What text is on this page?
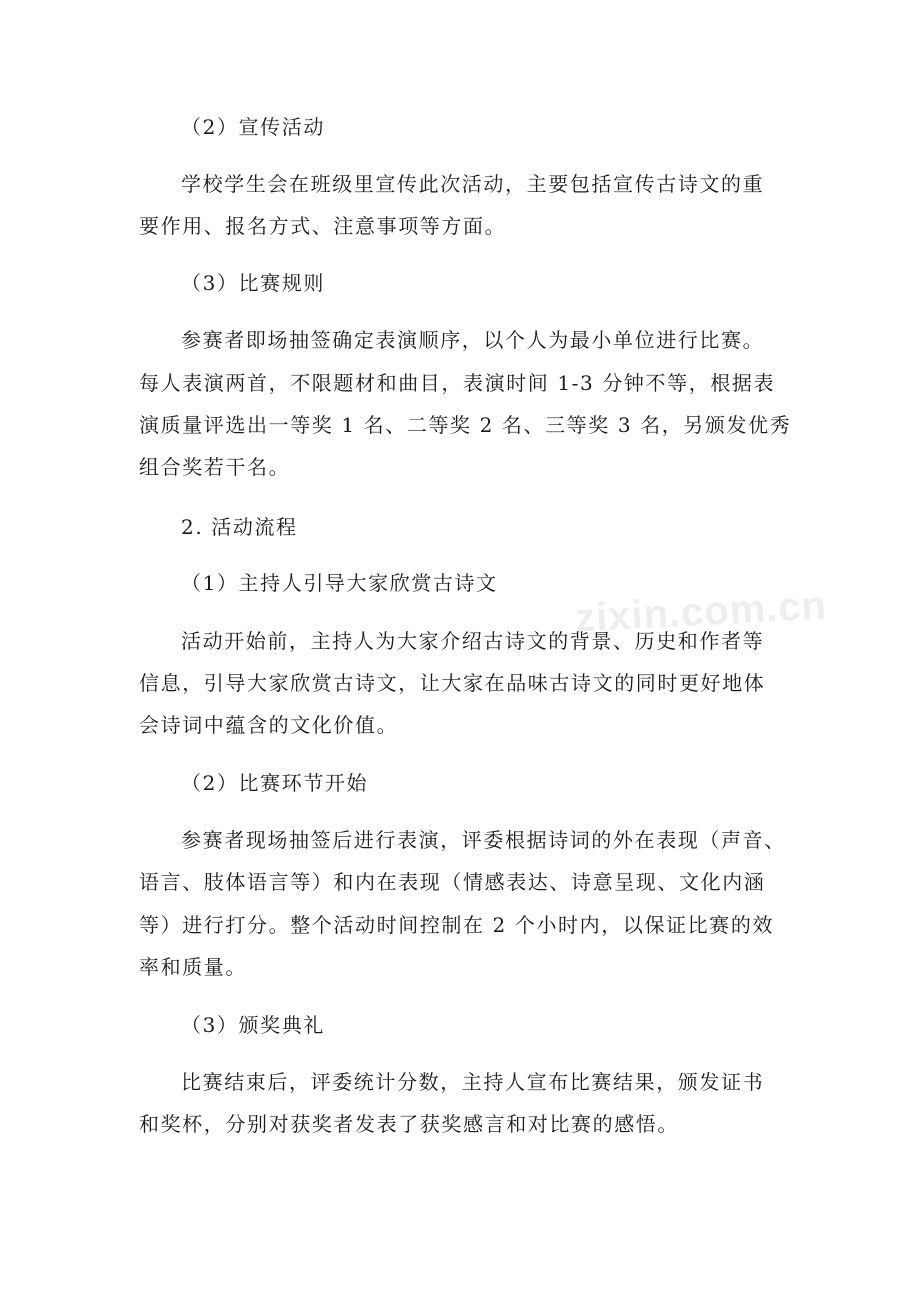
zixin.com.cn
（2）宣传活动
学校学生会在班级里宣传此次活动，主要包括宣传古诗文的重
要作用、报名方式、注意事项等方面。
（3）比赛规则
参赛者即场抽签确定表演顺序，以个人为最小单位进行比赛。
每人表演两首，不限题材和曲目，表演时间 1-3 分钟不等，根据表
演质量评选出一等奖 1 名、二等奖 2 名、三等奖 3 名，另颁发优秀
组合奖若干名。
2. 活动流程
（1）主持人引导大家欣赏古诗文
活动开始前，主持人为大家介绍古诗文的背景、历史和作者等
信息，引导大家欣赏古诗文，让大家在品味古诗文的同时更好地体
会诗词中蕴含的文化价值。
（2）比赛环节开始
参赛者现场抽签后进行表演，评委根据诗词的外在表现（声音、
语言、肢体语言等）和内在表现（情感表达、诗意呈现、文化内涵
等）进行打分。整个活动时间控制在 2 个小时内，以保证比赛的效
率和质量。
（3）颁奖典礼
比赛结束后，评委统计分数，主持人宣布比赛结果，颁发证书
和奖杯，分别对获奖者发表了获奖感言和对比赛的感悟。
